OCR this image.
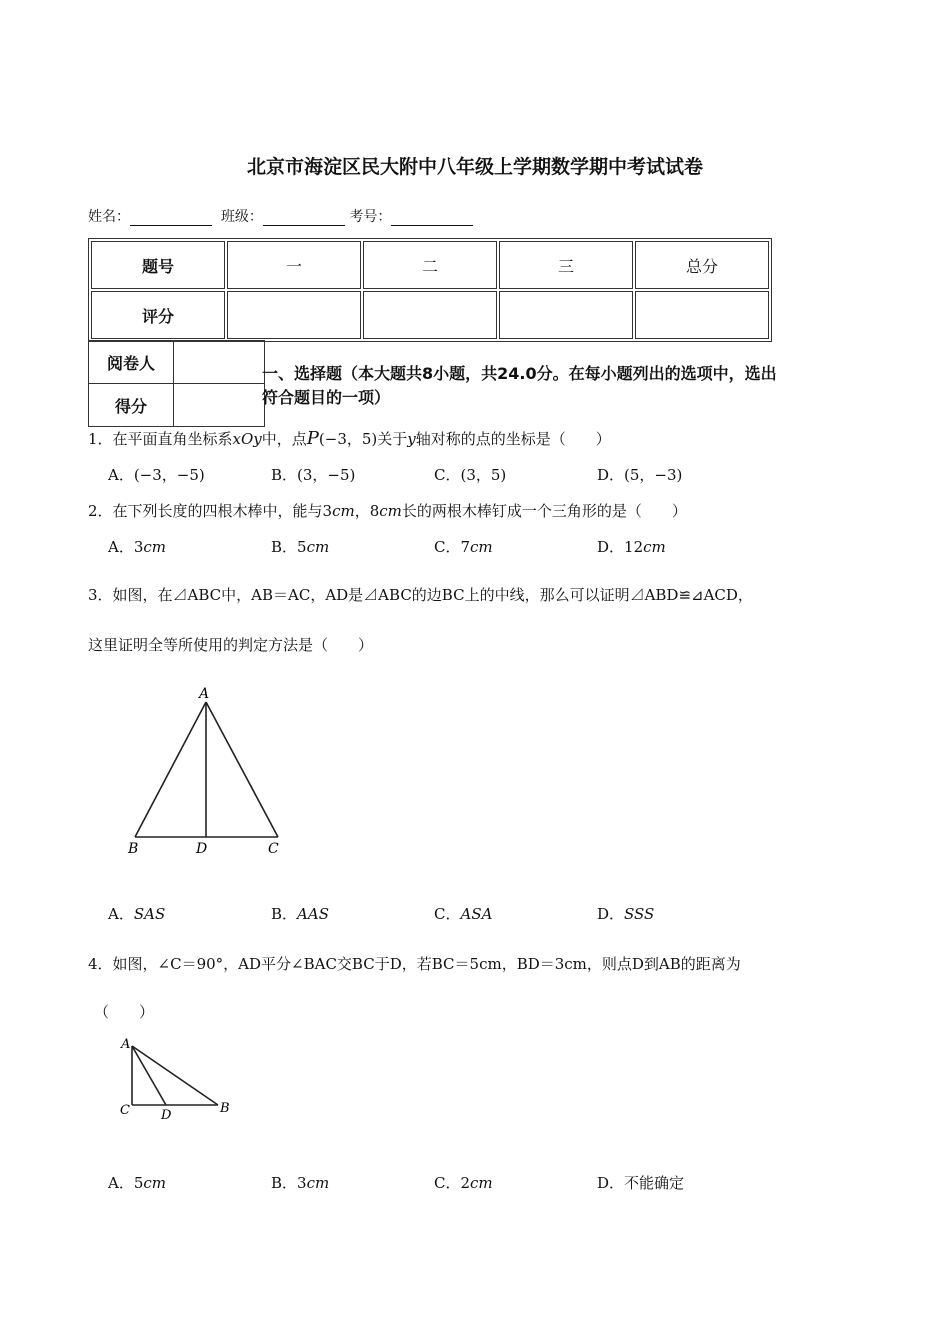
北京市海淀区民大附中八年级上学期数学期中考试试卷
姓名：	班级：	考号：
题号	一	二	三	总分
评分				
阅卷人	
得分	
一、选择题（本大题共8小题，共24.0分。在每小题列出的选项中，选出符合题目的一项）
1．在平面直角坐标系xOy中，点P(−3，5)关于y轴对称的点的坐标是（　　）
A．(−3，−5)	B．(3，−5)	C．(3，5)	D．(5，−3)
2．在下列长度的四根木棒中，能与3cm，8cm长的两根木棒钉成一个三角形的是（　　）
A．3cm	B．5cm	C．7cm	D．12cm
3．如图，在⊿ABC中，AB＝AC，AD是⊿ABC的边BC上的中线，那么可以证明⊿ABD≌⊿ACD，
这里证明全等所使用的判定方法是（　　）
A
B	D	C
A．SAS	B．AAS	C．ASA	D．SSS
4．如图，∠C＝90°，AD平分∠BAC交BC于D，若BC＝5cm，BD＝3cm，则点D到AB的距离为
（　　）
A
C D	B
A．5cm	B．3cm	C．2cm	D．不能确定
